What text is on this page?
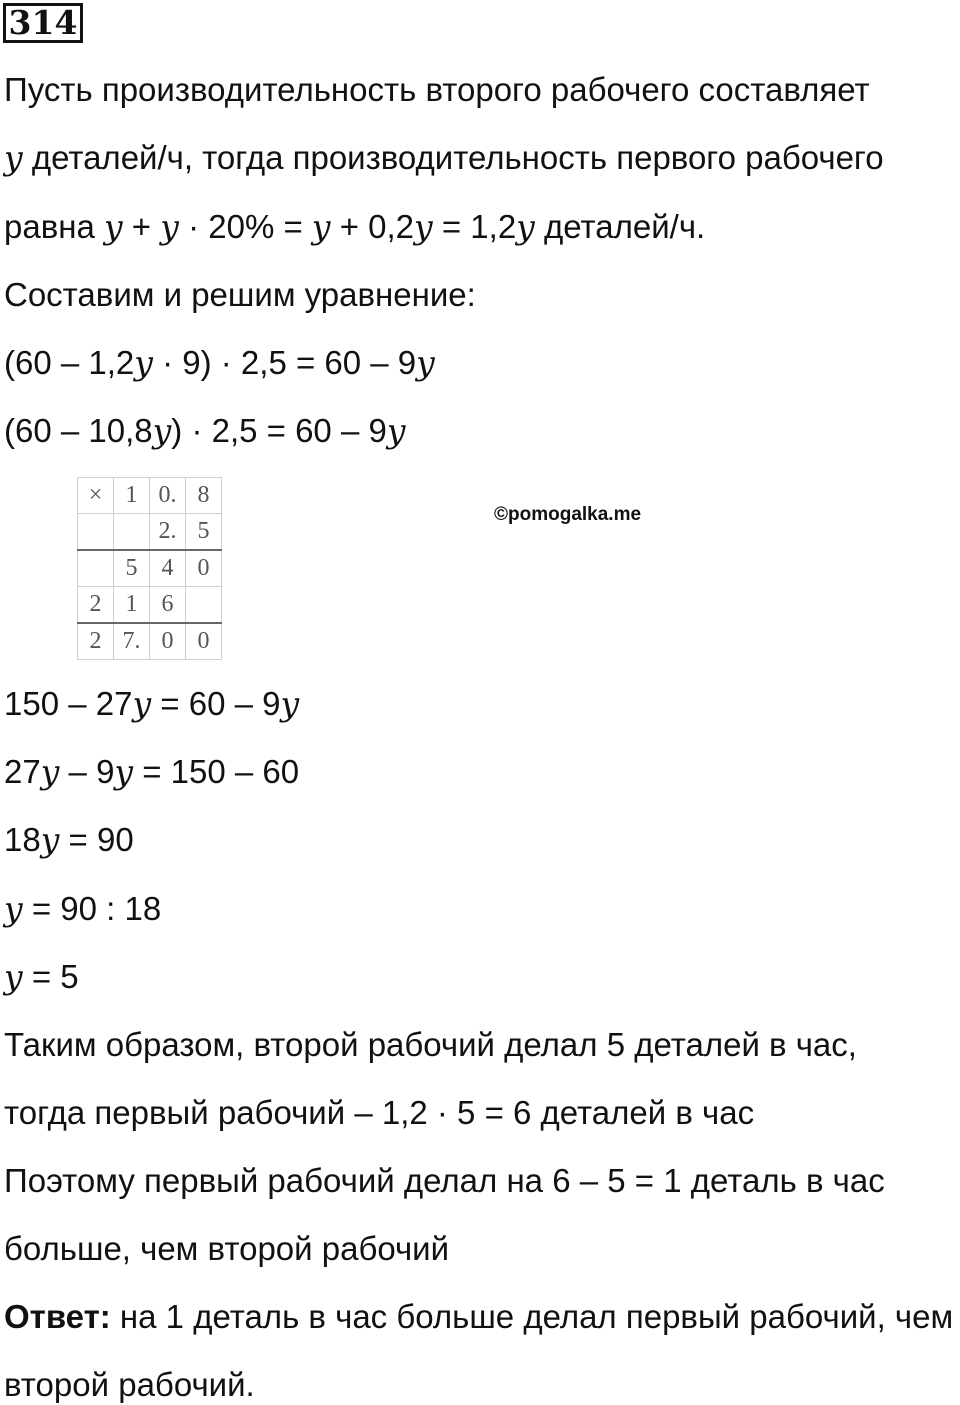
314
Пусть производительность второго рабочего составляет
y деталей/ч, тогда производительность первого рабочего
равна y + y · 20% = y + 0,2y = 1,2y деталей/ч.
Составим и решим уравнение:
(60 – 1,2y · 9) · 2,5 = 60 – 9y
(60 – 10,8y) · 2,5 = 60 – 9y
×	1	0.	8
		2.	5
	5	4	0
2	1	6	
2	7.	0	0
©pomogalka.me
150 – 27y = 60 – 9y
27y – 9y = 150 – 60
18y = 90
y = 90 : 18
y = 5
Таким образом, второй рабочий делал 5 деталей в час,
тогда первый рабочий – 1,2 · 5 = 6 деталей в час
Поэтому первый рабочий делал на 6 – 5 = 1 деталь в час
больше, чем второй рабочий
Ответ: на 1 деталь в час больше делал первый рабочий, чем
второй рабочий.
